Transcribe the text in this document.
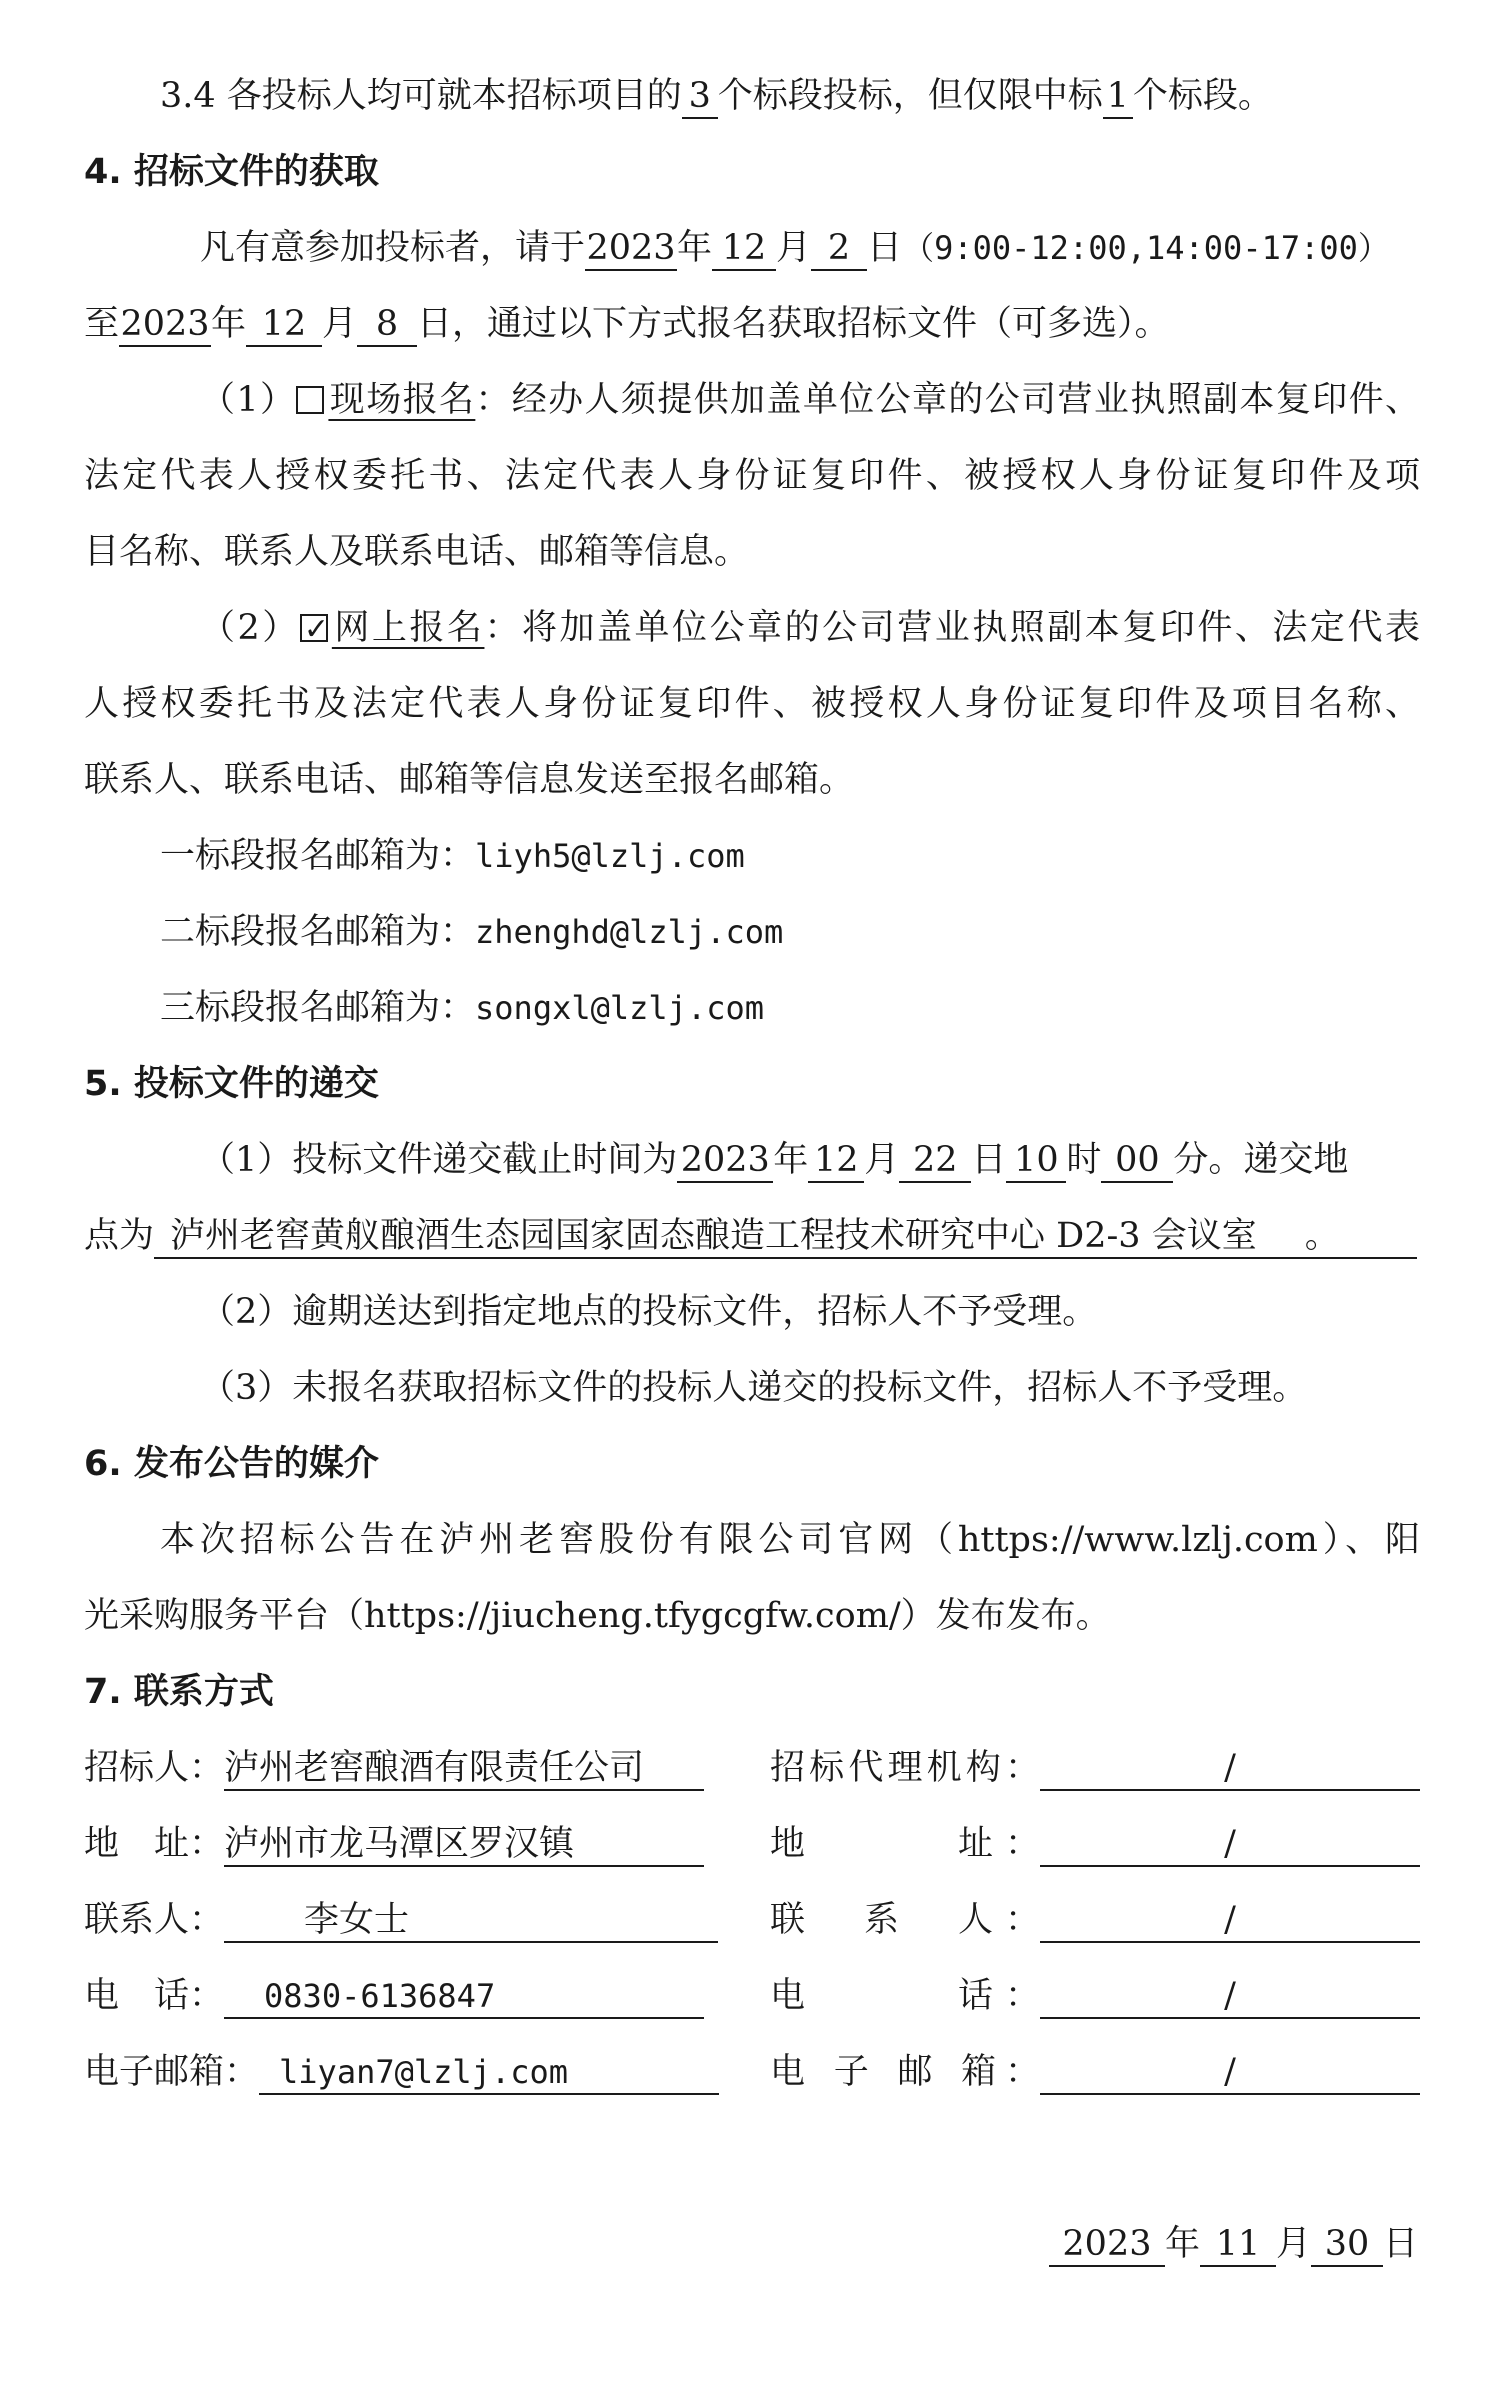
3.4 各投标人均可就本招标项目的 3 个标段投标，但仅限中标 1 个标段。
4. 招标文件的获取
凡有意参加投标者，请于2023年 12 月 2 日（9:00-12:00,14:00-17:00）
至2023年 12 月 8 日，通过以下方式报名获取招标文件（可多选）。
（1） 现场报名：经办人须提供加盖单位公章的公司营业执照副本复印件、
法定代表人授权委托书、法定代表人身份证复印件、被授权人身份证复印件及项
目名称、联系人及联系电话、邮箱等信息。
（2）✓ 网上报名：将加盖单位公章的公司营业执照副本复印件、法定代表
人授权委托书及法定代表人身份证复印件、被授权人身份证复印件及项目名称、
联系人、联系电话、邮箱等信息发送至报名邮箱。
一标段报名邮箱为：liyh5@lzlj.com
二标段报名邮箱为：zhenghd@lzlj.com
三标段报名邮箱为：songxl@lzlj.com
5. 投标文件的递交
（1）投标文件递交截止时间为2023年 12 月 22 日 10 时 00 分。递交地
点为 泸州老窖黄舣酿酒生态园国家固态酿造工程技术研究中心 D2-3 会议室 。
（2）逾期送达到指定地点的投标文件，招标人不予受理。
（3）未报名获取招标文件的投标人递交的投标文件，招标人不予受理。
6. 发布公告的媒介
本次招标公告在泸州老窖股份有限公司官网（https://www.lzlj.com）、阳
光采购服务平台（https://jiucheng.tfygcgfw.com/）发布发布。
7. 联系方式
招标人：泸州老窖酿酒有限责任公司
地　址：泸州市龙马潭区罗汉镇
联系人： 李女士
电　话： 0830-6136847
电子邮箱： liyan7@lzlj.com
招标代理机构：	/
地　　　址：	/
联　系　人：	/
电　　　话：	/
电 子 邮 箱：	/
2023 年 11 月 30 日
